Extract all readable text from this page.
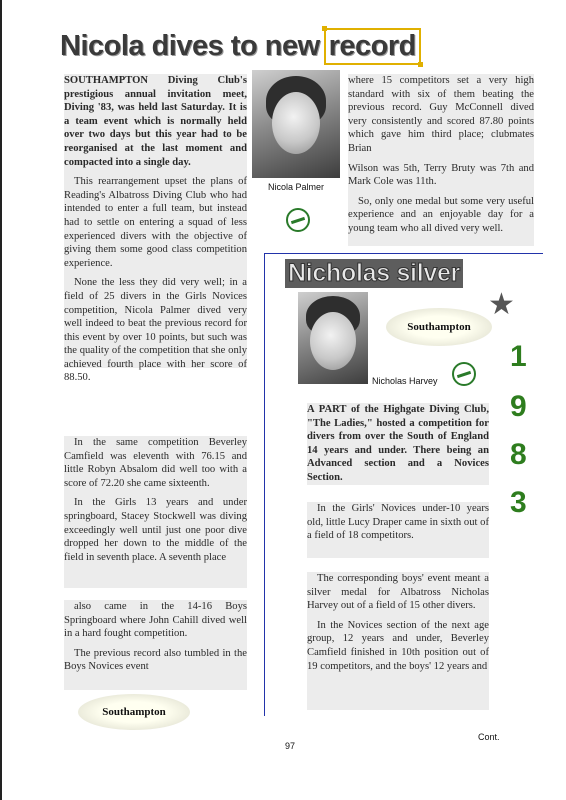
Nicola dives to new record

SOUTHAMPTON Diving Club's prestigious annual invitation meet, Diving '83, was held last Saturday. It is a team event which is normally held over two days but this year had to be reorganised at the last moment and compacted into a single day.

This rearrangement upset the plans of Reading's Albatross Diving Club who had intended to enter a full team, but instead had to settle on entering a squad of less experienced divers with the objective of giving them some good class competition experience.

None the less they did very well; in a field of 25 divers in the Girls Novices competition, Nicola Palmer dived very well indeed to beat the previous record for this event by over 10 points, but such was the quality of the competition that she only achieved fourth place with her score of 88.50.

In the same competition Beverley Camfield was eleventh with 76.15 and little Robyn Absalom did well too with a score of 72.20 she came sixteenth.

In the Girls 13 years and under springboard, Stacey Stockwell was diving exceedingly well until just one poor dive dropped her down to the middle of the field in seventh place. A seventh place

also came in the 14-16 Boys Springboard where John Cahill dived well in a hard fought competition.

The previous record also tumbled in the Boys Novices event

Nicola Palmer

where 15 competitors set a very high standard with six of them beating the previous record. Guy McConnell dived very consistently and scored 87.80 points which gave him third place; clubmates Brian

Wilson was 5th, Terry Bruty was 7th and Mark Cole was 11th.

So, only one medal but some very useful experience and an enjoyable day for a young team who all dived very well.

Nicholas silver
★
Southampton
Nicholas Harvey
1
9
8
3

A PART of the Highgate Diving Club, "The Ladies," hosted a competition for divers from over the South of England 14 years and under. There being an Advanced section and a Novices Section.

In the Girls' Novices under-10 years old, little Lucy Draper came in sixth out of a field of 18 competitors.

The corresponding boys' event meant a silver medal for Albatross Nicholas Harvey out of a field of 15 other divers.

In the Novices section of the next age group, 12 years and under, Beverley Camfield finished in 10th position out of 19 competitors, and the boys' 12 years and

Southampton
97
Cont.
